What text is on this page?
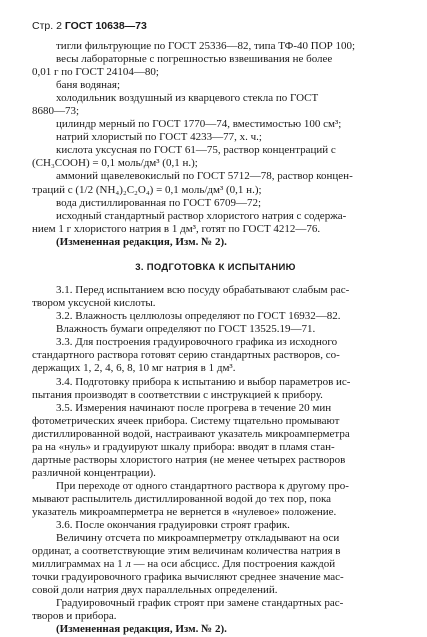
Стр. 2 ГОСТ 10638—73
тигли фильтрующие по ГОСТ 25336—82, типа ТФ-40 ПОР 100;
весы лабораторные с погрешностью взвешивания не более
0,01 г по ГОСТ 24104—80;
баня водяная;
холодильник воздушный из кварцевого стекла по ГОСТ
8680—73;
цилиндр мерный по ГОСТ 1770—74, вместимостью 100 см³;
натрий хлористый по ГОСТ 4233—77, х. ч.;
кислота уксусная по ГОСТ 61—75, раствор концентраций с
(CH₃COOH) = 0,1 моль/дм³ (0,1 н.);
аммоний щавелевокислый по ГОСТ 5712—78, раствор концен-
траций с (1/2 (NH₄)₂C₂O₄) = 0,1 моль/дм³ (0,1 н.);
вода дистиллированная по ГОСТ 6709—72;
исходный стандартный раствор хлористого натрия с содержа-
нием 1 г хлористого натрия в 1 дм³, готят по ГОСТ 4212—76.
(Измененная редакция, Изм. № 2).
3. ПОДГОТОВКА К ИСПЫТАНИЮ
3.1. Перед испытанием всю посуду обрабатывают слабым рас-
твором уксусной кислоты.
3.2. Влажность целлюлозы определяют по ГОСТ 16932—82.
Влажность бумаги определяют по ГОСТ 13525.19—71.
3.3. Для построения градуировочного графика из исходного
стандартного раствора готовят серию стандартных растворов, со-
держащих 1, 2, 4, 6, 8, 10 мг натрия в 1 дм³.
3.4. Подготовку прибора к испытанию и выбор параметров ис-
пытания производят в соответствии с инструкцией к прибору.
3.5. Измерения начинают после прогрева в течение 20 мин
фотометрических ячеек прибора. Систему тщательно промывают
дистиллированной водой, настраивают указатель микроамперметра
ра на «нуль» и градуируют шкалу прибора: вводят в пламя стан-
дартные растворы хлористого натрия (не менее четырех растворов
различной концентрации).
При переходе от одного стандартного раствора к другому про-
мывают распылитель дистиллированной водой до тех пор, пока
указатель микроамперметра не вернется в «нулевое» положение.
3.6. После окончания градуировки строят график.
Величину отсчета по микроамперметру откладывают на оси
ординат, а соответствующие этим величинам количества натрия в
миллиграммах на 1 л — на оси абсцисс. Для построения каждой
точки градуировочного графика вычисляют среднее значение мас-
совой доли натрия двух параллельных определений.
Градуировочный график строят при замене стандартных рас-
творов и прибора.
(Измененная редакция, Изм. № 2).
